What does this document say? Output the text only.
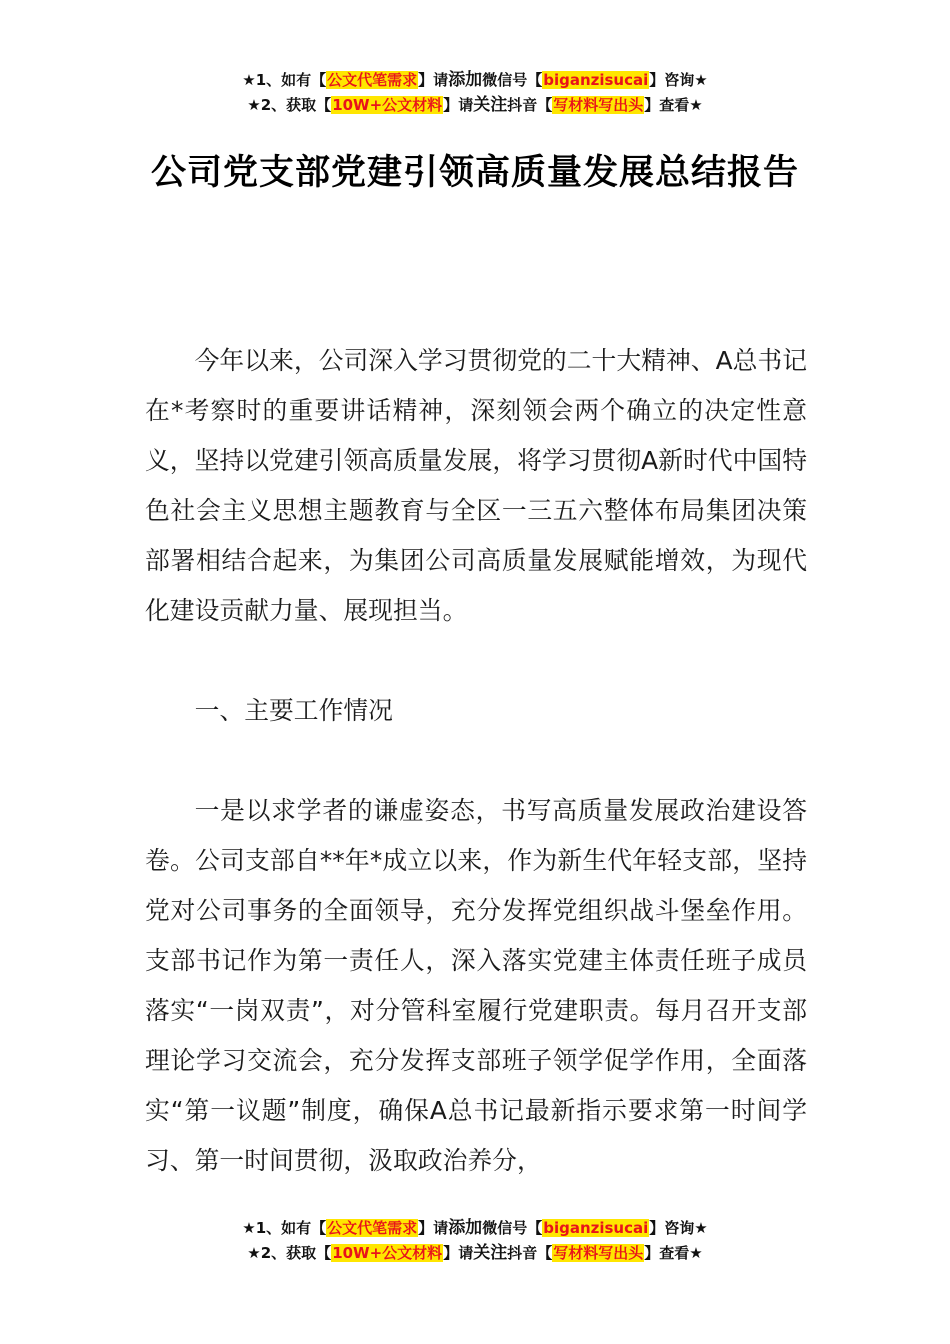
★1、如有【公文代笔需求】请添加微信号【biganzisucai】咨询★
★2、获取【10W+公文材料】请关注抖音【写材料写出头】查看★
公司党支部党建引领高质量发展总结报告

今年以来，公司深入学习贯彻党的二十大精神、A总书记在*考察时的重要讲话精神，深刻领会两个确立的决定性意义，坚持以党建引领高质量发展，将学习贯彻A新时代中国特色社会主义思想主题教育与全区一三五六整体布局集团决策部署相结合起来，为集团公司高质量发展赋能增效，为现代化建设贡献力量、展现担当。

一、主要工作情况

一是以求学者的谦虚姿态，书写高质量发展政治建设答卷。公司支部自**年*成立以来，作为新生代年轻支部，坚持党对公司事务的全面领导，充分发挥党组织战斗堡垒作用。支部书记作为第一责任人，深入落实党建主体责任班子成员落实“一岗双责”，对分管科室履行党建职责。每月召开支部理论学习交流会，充分发挥支部班子领学促学作用，全面落实“第一议题”制度，确保A总书记最新指示要求第一时间学习、第一时间贯彻，汲取政治养分，

★1、如有【公文代笔需求】请添加微信号【biganzisucai】咨询★
★2、获取【10W+公文材料】请关注抖音【写材料写出头】查看★
